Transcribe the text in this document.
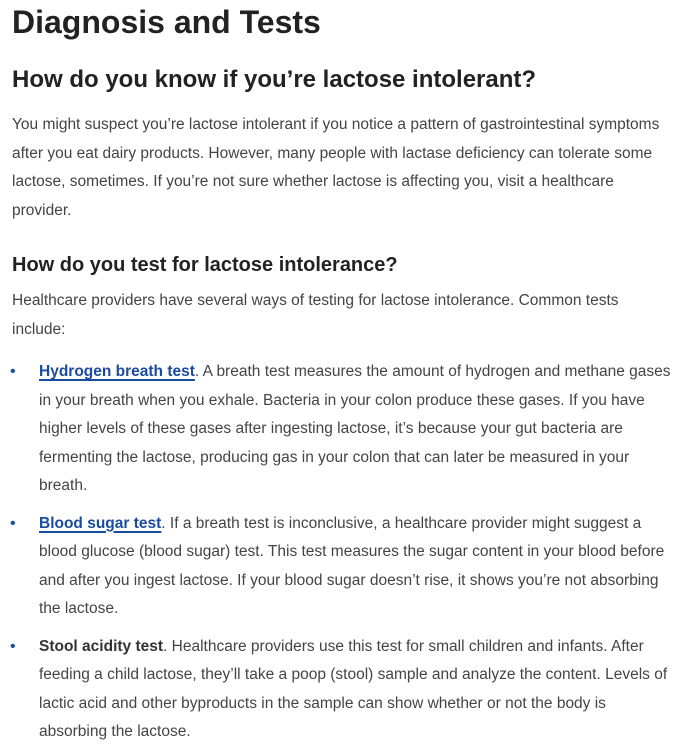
Diagnosis and Tests
How do you know if you’re lactose intolerant?

You might suspect you’re lactose intolerant if you notice a pattern of gastrointestinal symptoms after you eat dairy products. However, many people with lactase deficiency can tolerate some lactose, sometimes. If you’re not sure whether lactose is affecting you, visit a healthcare provider.

How do you test for lactose intolerance?

Healthcare providers have several ways of testing for lactose intolerance. Common tests include:

• Hydrogen breath test. A breath test measures the amount of hydrogen and methane gases in your breath when you exhale. Bacteria in your colon produce these gases. If you have higher levels of these gases after ingesting lactose, it’s because your gut bacteria are fermenting the lactose, producing gas in your colon that can later be measured in your breath.
• Blood sugar test. If a breath test is inconclusive, a healthcare provider might suggest a blood glucose (blood sugar) test. This test measures the sugar content in your blood before and after you ingest lactose. If your blood sugar doesn’t rise, it shows you’re not absorbing the lactose.
• Stool acidity test. Healthcare providers use this test for small children and infants. After feeding a child lactose, they’ll take a poop (stool) sample and analyze the content. Levels of lactic acid and other byproducts in the sample can show whether or not the body is absorbing the lactose.
